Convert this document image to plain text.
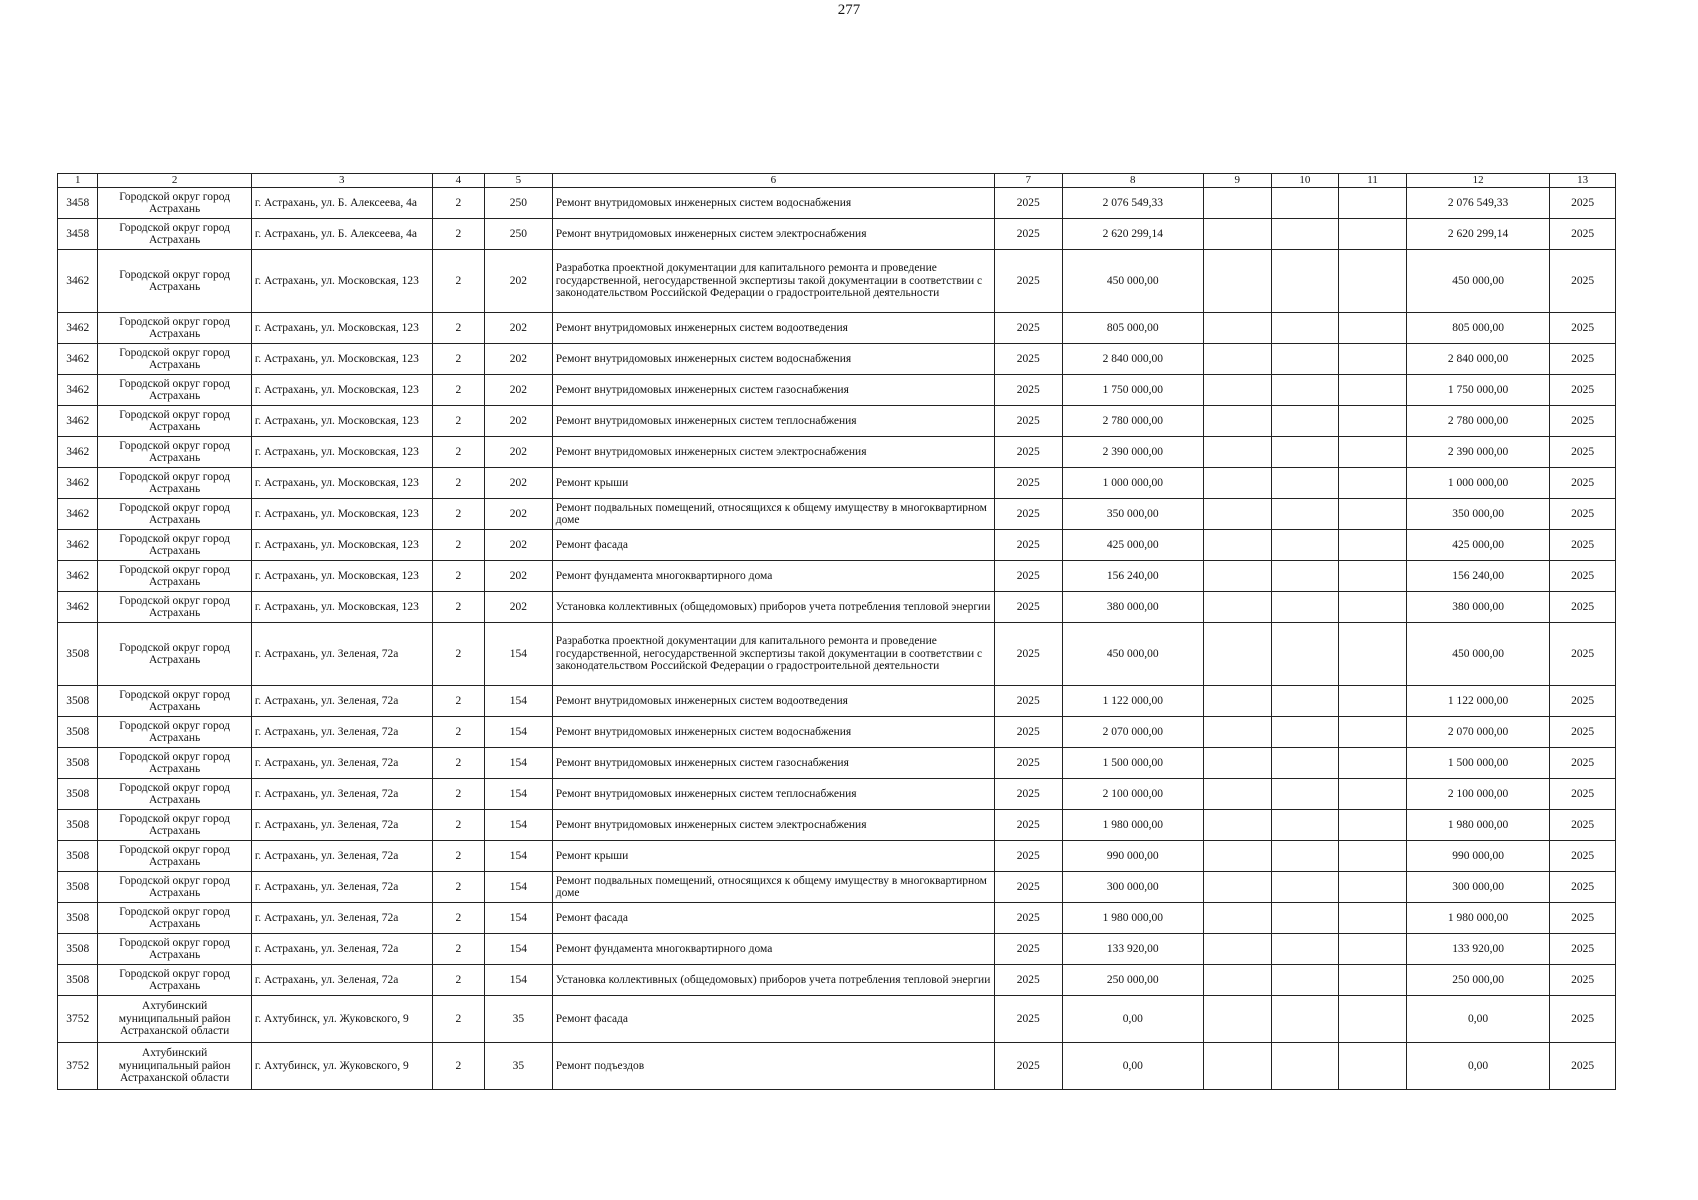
277
1	2	3	4	5	6	7	8	9	10	11	12	13
3458	Городской округ город Астрахань	г. Астрахань, ул. Б. Алексеева, 4а	2	250	Ремонт внутридомовых инженерных систем водоснабжения	2025	2 076 549,33				2 076 549,33	2025
3458	Городской округ город Астрахань	г. Астрахань, ул. Б. Алексеева, 4а	2	250	Ремонт внутридомовых инженерных систем электроснабжения	2025	2 620 299,14				2 620 299,14	2025
3462	Городской округ город Астрахань	г. Астрахань, ул. Московская, 123	2	202	Разработка проектной документации для капитального ремонта и проведение государственной, негосударственной экспертизы такой документации в соответствии с законодательством Российской Федерации о градостроительной деятельности	2025	450 000,00				450 000,00	2025
3462	Городской округ город Астрахань	г. Астрахань, ул. Московская, 123	2	202	Ремонт внутридомовых инженерных систем водоотведения	2025	805 000,00				805 000,00	2025
3462	Городской округ город Астрахань	г. Астрахань, ул. Московская, 123	2	202	Ремонт внутридомовых инженерных систем водоснабжения	2025	2 840 000,00				2 840 000,00	2025
3462	Городской округ город Астрахань	г. Астрахань, ул. Московская, 123	2	202	Ремонт внутридомовых инженерных систем газоснабжения	2025	1 750 000,00				1 750 000,00	2025
3462	Городской округ город Астрахань	г. Астрахань, ул. Московская, 123	2	202	Ремонт внутридомовых инженерных систем теплоснабжения	2025	2 780 000,00				2 780 000,00	2025
3462	Городской округ город Астрахань	г. Астрахань, ул. Московская, 123	2	202	Ремонт внутридомовых инженерных систем электроснабжения	2025	2 390 000,00				2 390 000,00	2025
3462	Городской округ город Астрахань	г. Астрахань, ул. Московская, 123	2	202	Ремонт крыши	2025	1 000 000,00				1 000 000,00	2025
3462	Городской округ город Астрахань	г. Астрахань, ул. Московская, 123	2	202	Ремонт подвальных помещений, относящихся к общему имуществу в многоквартирном доме	2025	350 000,00				350 000,00	2025
3462	Городской округ город Астрахань	г. Астрахань, ул. Московская, 123	2	202	Ремонт фасада	2025	425 000,00				425 000,00	2025
3462	Городской округ город Астрахань	г. Астрахань, ул. Московская, 123	2	202	Ремонт фундамента многоквартирного дома	2025	156 240,00				156 240,00	2025
3462	Городской округ город Астрахань	г. Астрахань, ул. Московская, 123	2	202	Установка коллективных (общедомовых) приборов учета потребления тепловой энергии	2025	380 000,00				380 000,00	2025
3508	Городской округ город Астрахань	г. Астрахань, ул. Зеленая, 72а	2	154	Разработка проектной документации для капитального ремонта и проведение государственной, негосударственной экспертизы такой документации в соответствии с законодательством Российской Федерации о градостроительной деятельности	2025	450 000,00				450 000,00	2025
3508	Городской округ город Астрахань	г. Астрахань, ул. Зеленая, 72а	2	154	Ремонт внутридомовых инженерных систем водоотведения	2025	1 122 000,00				1 122 000,00	2025
3508	Городской округ город Астрахань	г. Астрахань, ул. Зеленая, 72а	2	154	Ремонт внутридомовых инженерных систем водоснабжения	2025	2 070 000,00				2 070 000,00	2025
3508	Городской округ город Астрахань	г. Астрахань, ул. Зеленая, 72а	2	154	Ремонт внутридомовых инженерных систем газоснабжения	2025	1 500 000,00				1 500 000,00	2025
3508	Городской округ город Астрахань	г. Астрахань, ул. Зеленая, 72а	2	154	Ремонт внутридомовых инженерных систем теплоснабжения	2025	2 100 000,00				2 100 000,00	2025
3508	Городской округ город Астрахань	г. Астрахань, ул. Зеленая, 72а	2	154	Ремонт внутридомовых инженерных систем электроснабжения	2025	1 980 000,00				1 980 000,00	2025
3508	Городской округ город Астрахань	г. Астрахань, ул. Зеленая, 72а	2	154	Ремонт крыши	2025	990 000,00				990 000,00	2025
3508	Городской округ город Астрахань	г. Астрахань, ул. Зеленая, 72а	2	154	Ремонт подвальных помещений, относящихся к общему имуществу в многоквартирном доме	2025	300 000,00				300 000,00	2025
3508	Городской округ город Астрахань	г. Астрахань, ул. Зеленая, 72а	2	154	Ремонт фасада	2025	1 980 000,00				1 980 000,00	2025
3508	Городской округ город Астрахань	г. Астрахань, ул. Зеленая, 72а	2	154	Ремонт фундамента многоквартирного дома	2025	133 920,00				133 920,00	2025
3508	Городской округ город Астрахань	г. Астрахань, ул. Зеленая, 72а	2	154	Установка коллективных (общедомовых) приборов учета потребления тепловой энергии	2025	250 000,00				250 000,00	2025
3752	Ахтубинский муниципальный район Астраханской области	г. Ахтубинск, ул. Жуковского, 9	2	35	Ремонт фасада	2025	0,00				0,00	2025
3752	Ахтубинский муниципальный район Астраханской области	г. Ахтубинск, ул. Жуковского, 9	2	35	Ремонт подъездов	2025	0,00				0,00	2025
